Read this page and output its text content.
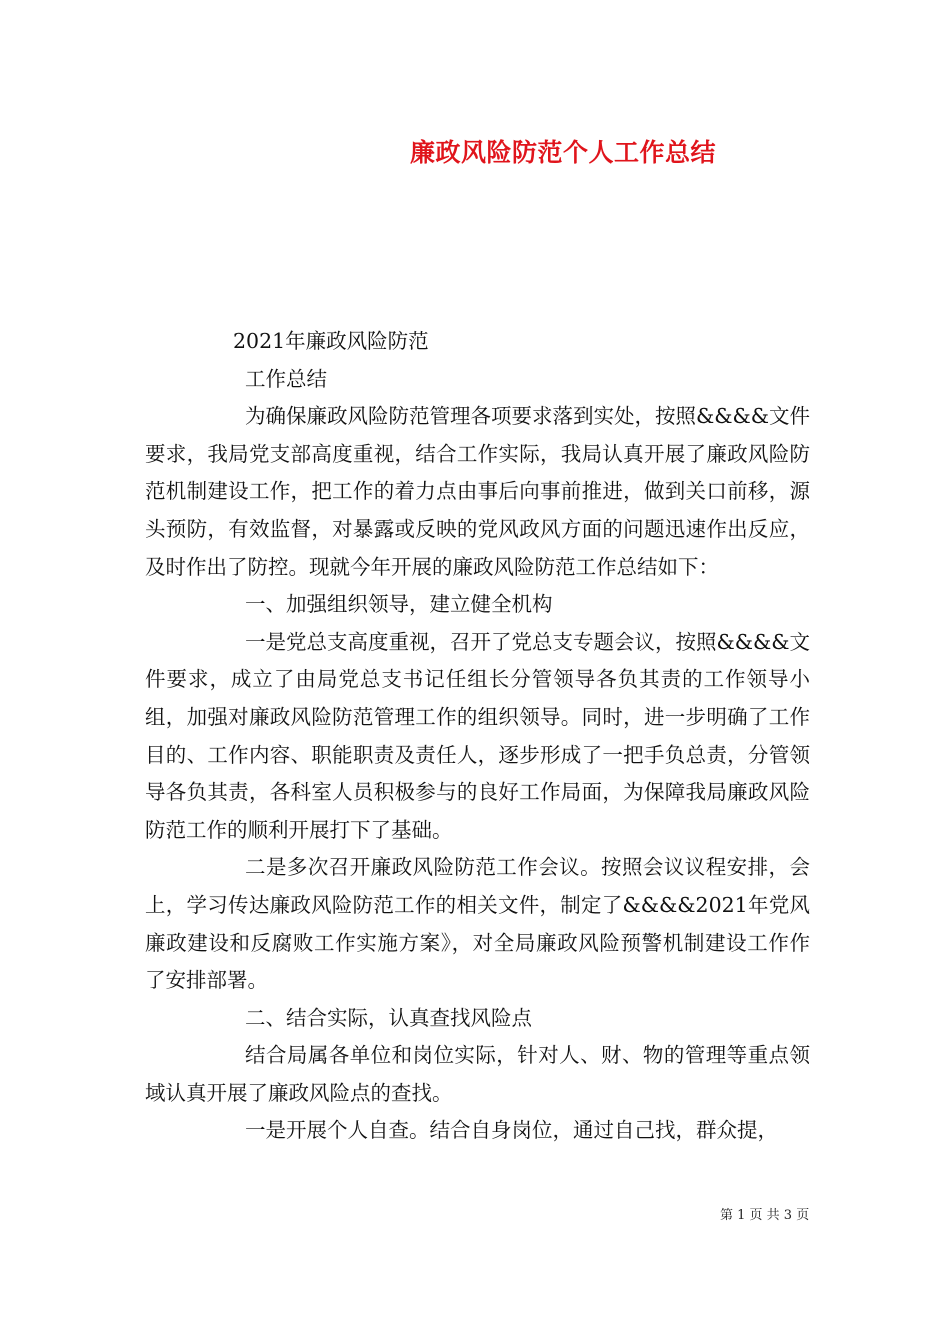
廉政风险防范个人工作总结

2021年廉政风险防范

工作总结

为确保廉政风险防范管理各项要求落到实处，按照&&&&文件要求，我局党支部高度重视，结合工作实际，我局认真开展了廉政风险防范机制建设工作，把工作的着力点由事后向事前推进，做到关口前移，源头预防，有效监督，对暴露或反映的党风政风方面的问题迅速作出反应，及时作出了防控。现就今年开展的廉政风险防范工作总结如下：

一、加强组织领导，建立健全机构

一是党总支高度重视，召开了党总支专题会议，按照&&&&文件要求，成立了由局党总支书记任组长分管领导各负其责的工作领导小组，加强对廉政风险防范管理工作的组织领导。同时，进一步明确了工作目的、工作内容、职能职责及责任人，逐步形成了一把手负总责，分管领导各负其责，各科室人员积极参与的良好工作局面，为保障我局廉政风险防范工作的顺利开展打下了基础。

二是多次召开廉政风险防范工作会议。按照会议议程安排，会上，学习传达廉政风险防范工作的相关文件，制定了&&&&2021年党风廉政建设和反腐败工作实施方案》，对全局廉政风险预警机制建设工作作了安排部署。

二、结合实际，认真查找风险点

结合局属各单位和岗位实际，针对人、财、物的管理等重点领域认真开展了廉政风险点的查找。

一是开展个人自查。结合自身岗位，通过自己找，群众提，

第 1 页 共 3 页
